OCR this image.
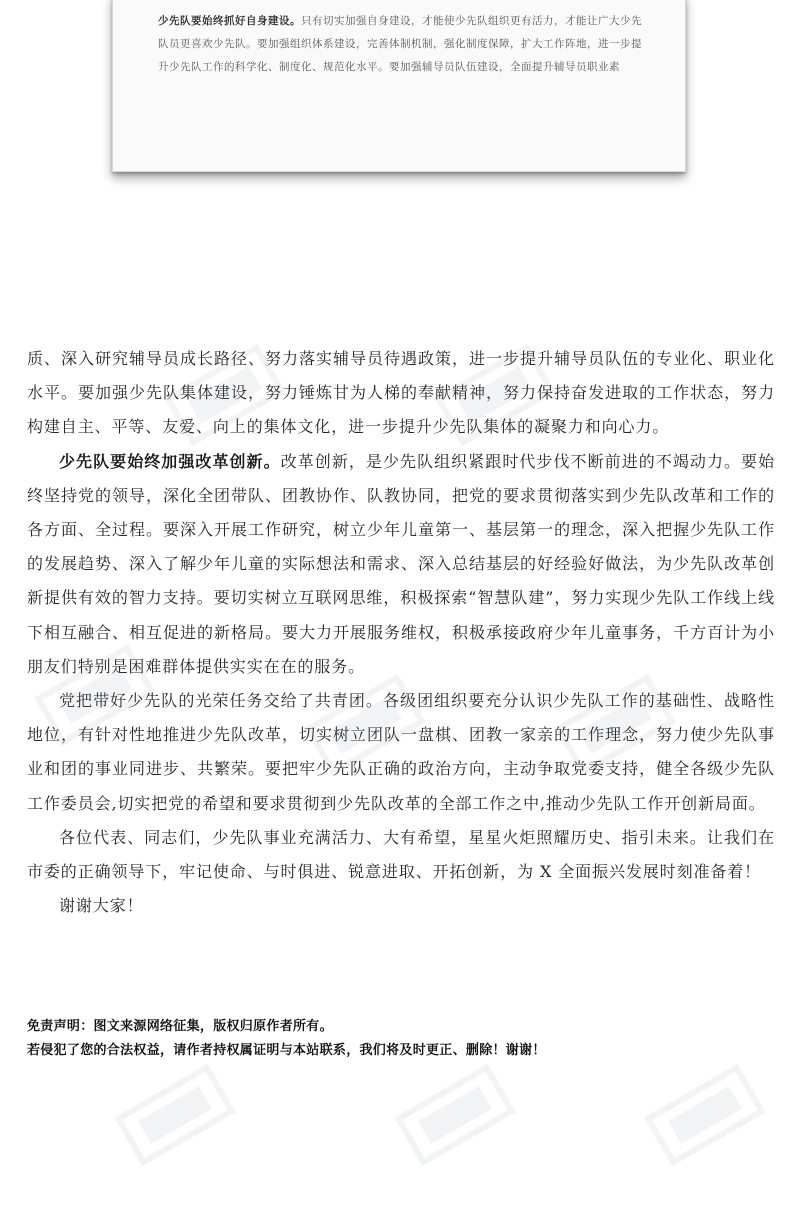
少先队要始终抓好自身建设。只有切实加强自身建设，才能使少先队组织更有活力，才能让广大少先队员更喜欢少先队。要加强组织体系建设，完善体制机制，强化制度保障，扩大工作阵地，进一步提升少先队工作的科学化、制度化、规范化水平。要加强辅导员队伍建设，全面提升辅导员职业素

质、深入研究辅导员成长路径、努力落实辅导员待遇政策，进一步提升辅导员队伍的专业化、职业化水平。要加强少先队集体建设，努力锤炼甘为人梯的奉献精神，努力保持奋发进取的工作状态，努力构建自主、平等、友爱、向上的集体文化，进一步提升少先队集体的凝聚力和向心力。

少先队要始终加强改革创新。改革创新，是少先队组织紧跟时代步伐不断前进的不竭动力。要始终坚持党的领导，深化全团带队、团教协作、队教协同，把党的要求贯彻落实到少先队改革和工作的各方面、全过程。要深入开展工作研究，树立少年儿童第一、基层第一的理念，深入把握少先队工作的发展趋势、深入了解少年儿童的实际想法和需求、深入总结基层的好经验好做法，为少先队改革创新提供有效的智力支持。要切实树立互联网思维，积极探索“智慧队建”，努力实现少先队工作线上线下相互融合、相互促进的新格局。要大力开展服务维权，积极承接政府少年儿童事务，千方百计为小朋友们特别是困难群体提供实实在在的服务。

党把带好少先队的光荣任务交给了共青团。各级团组织要充分认识少先队工作的基础性、战略性地位，有针对性地推进少先队改革，切实树立团队一盘棋、团教一家亲的工作理念，努力使少先队事业和团的事业同进步、共繁荣。要把牢少先队正确的政治方向，主动争取党委支持，健全各级少先队工作委员会,切实把党的希望和要求贯彻到少先队改革的全部工作之中,推动少先队工作开创新局面。

各位代表、同志们，少先队事业充满活力、大有希望，星星火炬照耀历史、指引未来。让我们在市委的正确领导下，牢记使命、与时俱进、锐意进取、开拓创新，为 X 全面振兴发展时刻准备着！

谢谢大家！

免责声明：图文来源网络征集，版权归原作者所有。
若侵犯了您的合法权益，请作者持权属证明与本站联系，我们将及时更正、删除！谢谢！
